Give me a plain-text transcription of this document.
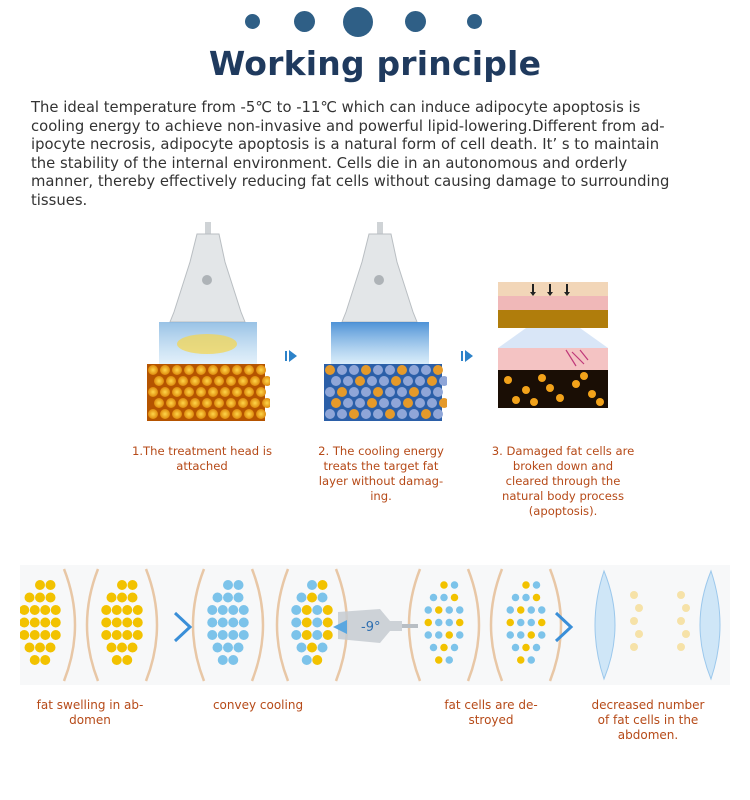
Working principle
The ideal temperature from -5℃ to -11℃ which can induce adipocyte apoptosis is
cooling energy to achieve non-invasive and powerful lipid-lowering.Different from ad-
ipocyte necrosis, adipocyte apoptosis is a natural form of cell death. It’ s to maintain
the stability of the internal environment. Cells die in an autonomous and orderly
manner, thereby effectively reducing fat cells without causing damage to surrounding
tissues.
1.The treatment head is
attached
2. The cooling energy
treats the target fat
layer without damag-
ing.
3. Damaged fat cells are
broken down and
cleared through the
natural body process
(apoptosis).
-9°
fat swelling in ab-
domen
convey cooling	fat cells are de-
stroyed
decreased number
of fat cells in the
abdomen.
